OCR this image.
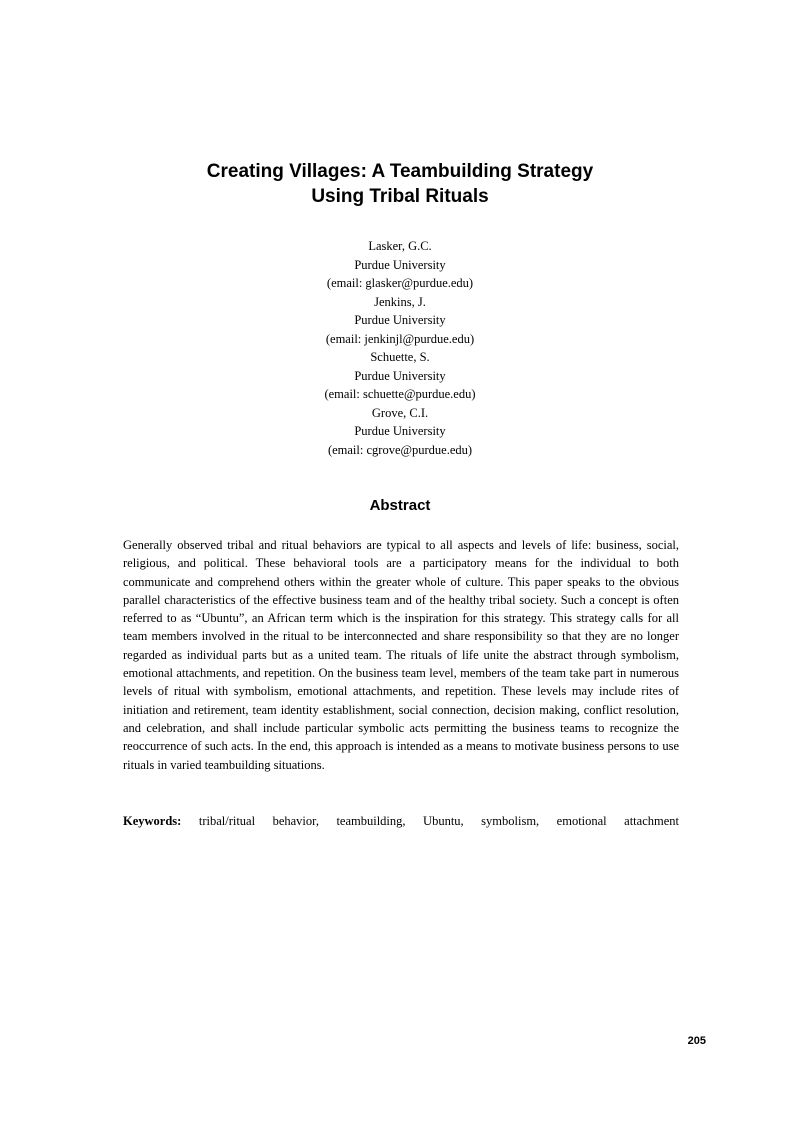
Creating Villages: A Teambuilding Strategy
Using Tribal Rituals
Lasker, G.C.
Purdue University
(email: glasker@purdue.edu)
Jenkins, J.
Purdue University
(email: jenkinjl@purdue.edu)
Schuette, S.
Purdue University
(email: schuette@purdue.edu)
Grove, C.I.
Purdue University
(email: cgrove@purdue.edu)
Abstract

Generally observed tribal and ritual behaviors are typical to all aspects and levels of life: business, social, religious, and political. These behavioral tools are a participatory means for the individual to both communicate and comprehend others within the greater whole of culture. This paper speaks to the obvious parallel characteristics of the effective business team and of the healthy tribal society. Such a concept is often referred to as “Ubuntu”, an African term which is the inspiration for this strategy. This strategy calls for all team members involved in the ritual to be interconnected and share responsibility so that they are no longer regarded as individual parts but as a united team. The rituals of life unite the abstract through symbolism, emotional attachments, and repetition. On the business team level, members of the team take part in numerous levels of ritual with symbolism, emotional attachments, and repetition. These levels may include rites of initiation and retirement, team identity establishment, social connection, decision making, conflict resolution, and celebration, and shall include particular symbolic acts permitting the business teams to recognize the reoccurrence of such acts. In the end, this approach is intended as a means to motivate business persons to use rituals in varied teambuilding situations.

Keywords: tribal/ritual behavior, teambuilding, Ubuntu, symbolism, emotional attachment

205
